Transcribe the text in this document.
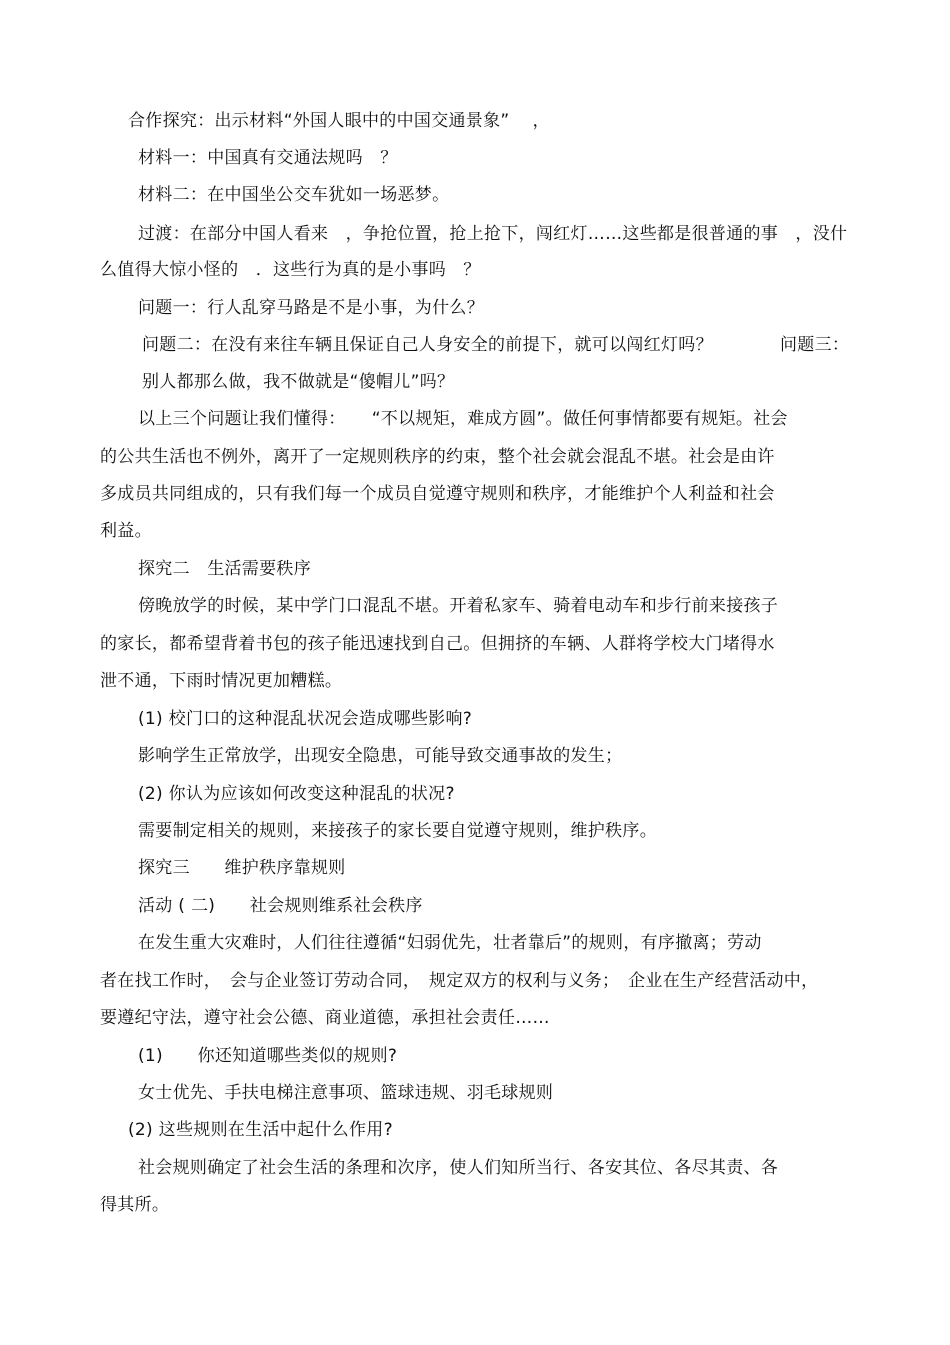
合作探究：出示材料“外国人眼中的中国交通景象”　 ，
材料一：中国真有交通法规吗　？
材料二：在中国坐公交车犹如一场恶梦。
过渡：在部分中国人看来　，争抢位置，抢上抢下，闯红灯……这些都是很普通的事　，没什
么值得大惊小怪的　．这些行为真的是小事吗　？
问题一：行人乱穿马路是不是小事，为什么？
问题二：在没有来往车辆且保证自己人身安全的前提下，就可以闯红灯吗？	问题三：
别人都那么做，我不做就是“傻帽儿”吗？
以上三个问题让我们懂得：　　“不以规矩，难成方圆”。做任何事情都要有规矩。社会
的公共生活也不例外，离开了一定规则秩序的约束，整个社会就会混乱不堪。社会是由许
多成员共同组成的，只有我们每一个成员自觉遵守规则和秩序，才能维护个人利益和社会
利益。
探究二　生活需要秩序
傍晚放学的时候，某中学门口混乱不堪。开着私家车、骑着电动车和步行前来接孩子
的家长，都希望背着书包的孩子能迅速找到自己。但拥挤的车辆、人群将学校大门堵得水
泄不通，下雨时情况更加糟糕。
(1) 校门口的这种混乱状况会造成哪些影响?
影响学生正常放学，出现安全隐患，可能导致交通事故的发生；
(2) 你认为应该如何改变这种混乱的状况?
需要制定相关的规则，来接孩子的家长要自觉遵守规则，维护秩序。
探究三　　维护秩序靠规则
活动 ( 二)　　社会规则维系社会秩序
在发生重大灾难时，人们往往遵循“妇弱优先，壮者靠后”的规则，有序撤离；劳动
者在找工作时，　会与企业签订劳动合同，　规定双方的权利与义务；　企业在生产经营活动中，
要遵纪守法，遵守社会公德、商业道德，承担社会责任……
(1)　　你还知道哪些类似的规则?
女士优先、手扶电梯注意事项、篮球违规、羽毛球规则
(2) 这些规则在生活中起什么作用?
社会规则确定了社会生活的条理和次序，使人们知所当行、各安其位、各尽其责、各
得其所。
